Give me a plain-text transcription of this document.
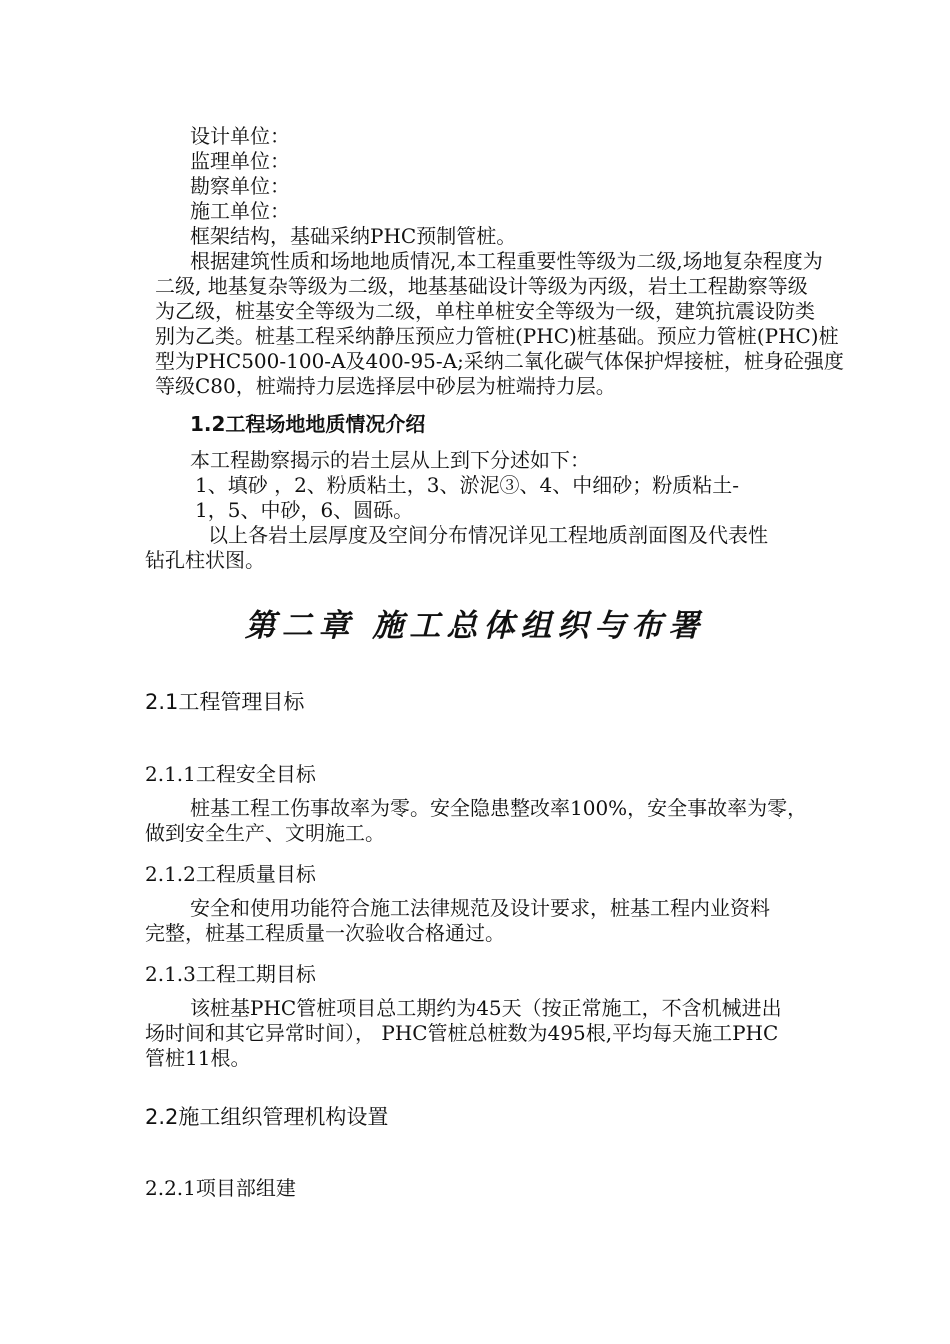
设计单位：
监理单位：
勘察单位：
施工单位：
框架结构，基础采纳PHC预制管桩。
根据建筑性质和场地地质情况,本工程重要性等级为二级,场地复杂程度为
二级, 地基复杂等级为二级，地基基础设计等级为丙级，岩土工程勘察等级
为乙级，桩基安全等级为二级，单柱单桩安全等级为一级，建筑抗震设防类
别为乙类。桩基工程采纳静压预应力管桩(PHC)桩基础。预应力管桩(PHC)桩
型为PHC500-100-A及400-95-A;采纳二氧化碳气体保护焊接桩，桩身砼强度
等级C80，桩端持力层选择层中砂层为桩端持力层。
1.2工程场地地质情况介绍
本工程勘察揭示的岩土层从上到下分述如下：
1、填砂 ，2、粉质粘土，3、淤泥③、4、中细砂；粉质粘土-
1，5、中砂，6、圆砾。
以上各岩土层厚度及空间分布情况详见工程地质剖面图及代表性
钻孔柱状图。
第二章 施工总体组织与布署
2.1工程管理目标
2.1.1工程安全目标
桩基工程工伤事故率为零。安全隐患整改率100%，安全事故率为零，
做到安全生产、文明施工。
2.1.2工程质量目标
安全和使用功能符合施工法律规范及设计要求，桩基工程内业资料
完整，桩基工程质量一次验收合格通过。
2.1.3工程工期目标
该桩基PHC管桩项目总工期约为45天（按正常施工，不含机械进出
场时间和其它异常时间）， PHC管桩总桩数为495根,平均每天施工PHC
管桩11根。
2.2施工组织管理机构设置
2.2.1项目部组建
